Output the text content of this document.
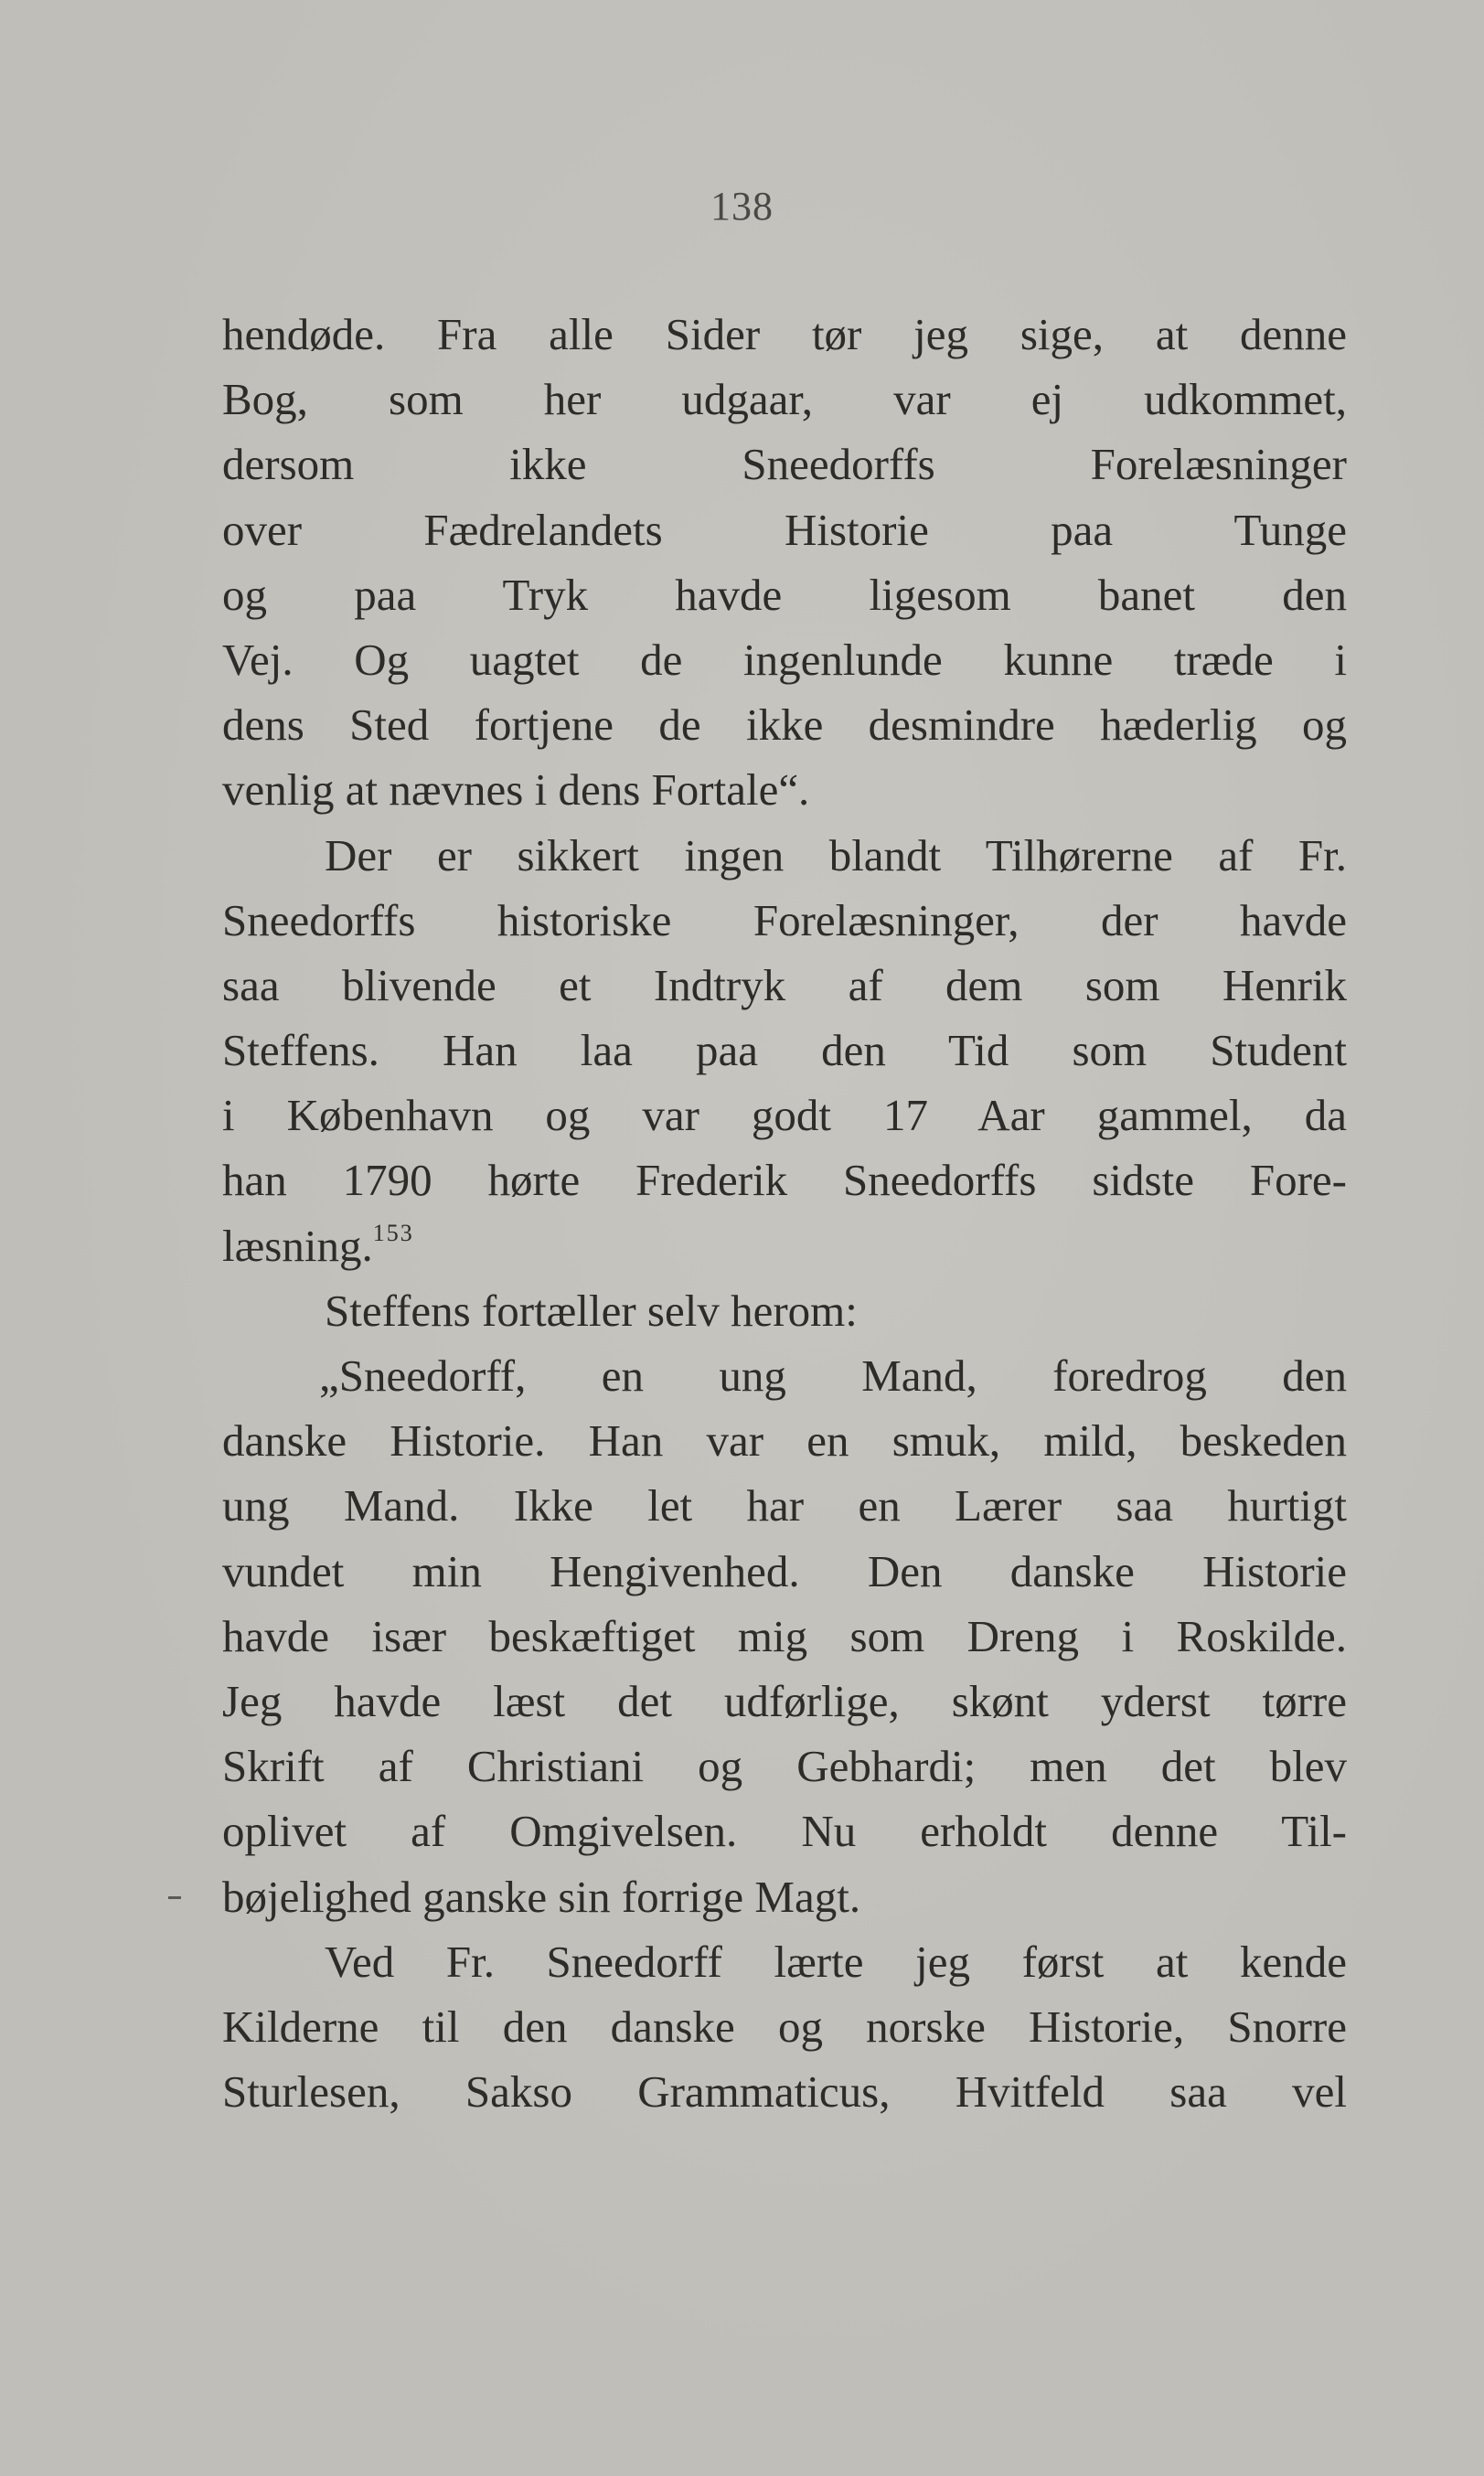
138
hendøde. Fra alle Sider tør jeg sige, at denne
Bog, som her udgaar, var ej udkommet,
dersom ikke Sneedorffs Forelæsninger
over Fædrelandets Historie paa Tunge
og paa Tryk havde ligesom banet den
Vej. Og uagtet de ingenlunde kunne træde i
dens Sted fortjene de ikke desmindre hæderlig og
venlig at nævnes i dens Fortale“.
Der er sikkert ingen blandt Tilhørerne af Fr.
Sneedorffs historiske Forelæsninger, der havde
saa blivende et Indtryk af dem som Henrik
Steffens. Han laa paa den Tid som Student
i København og var godt 17 Aar gammel, da
han 1790 hørte Frederik Sneedorffs sidste Fore-
læsning.$^{153}$
Steffens fortæller selv herom:
„Sneedorff, en ung Mand, foredrog den
danske Historie. Han var en smuk, mild, beskeden
ung Mand. Ikke let har en Lærer saa hurtigt
vundet min Hengivenhed. Den danske Historie
havde især beskæftiget mig som Dreng i Roskilde.
Jeg havde læst det udførlige, skønt yderst tørre
Skrift af Christiani og Gebhardi; men det blev
oplivet af Omgivelsen. Nu erholdt denne Til-
bøjelighed ganske sin forrige Magt.
Ved Fr. Sneedorff lærte jeg først at kende
Kilderne til den danske og norske Historie, Snorre
Sturlesen, Sakso Grammaticus, Hvitfeld saa vel
